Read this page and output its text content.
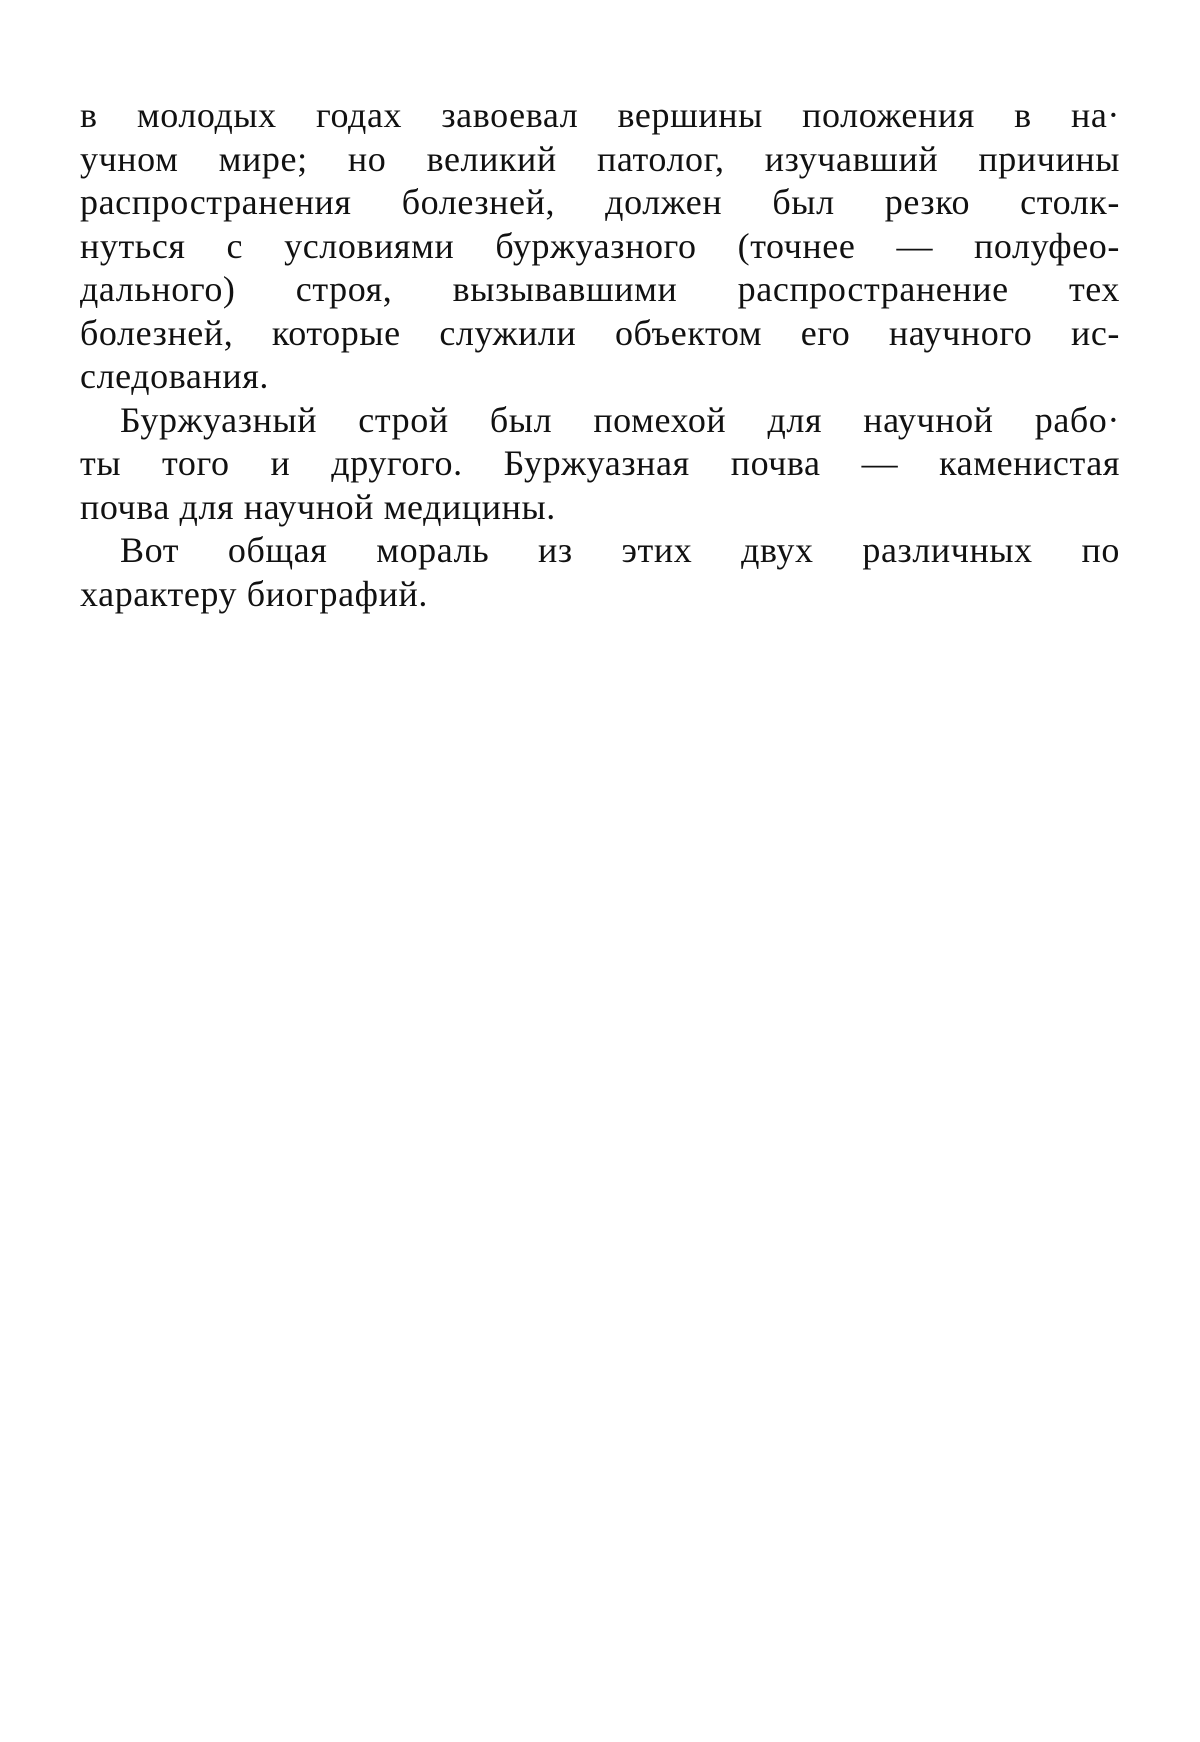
в молодых годах завоевал вершины положения в на·
учном мире; но великий патолог, изучавший причины
распространения болезней, должен был резко столк-
нуться с условиями буржуазного (точнее — полуфео-
дального) строя, вызывавшими распространение тех
болезней, которые служили объектом его научного ис-
следования.
Буржуазный строй был помехой для научной рабо·
ты того и другого. Буржуазная почва — каменистая
почва для научной медицины.
Вот общая мораль из этих двух различных по
характеру биографий.
